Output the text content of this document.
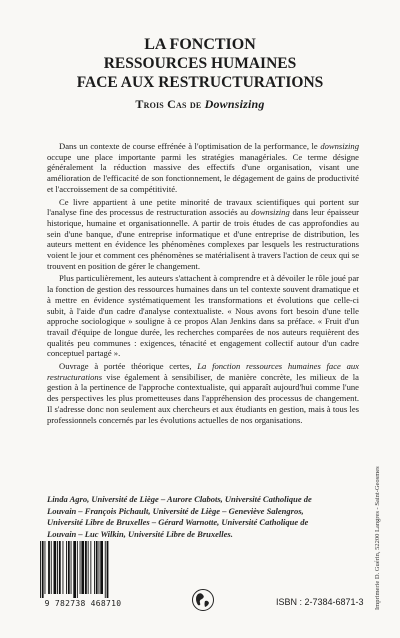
LA FONCTION
RESSOURCES HUMAINES
FACE AUX RESTRUCTURATIONS
Trois Cas de Downsizing

Dans un contexte de course effrénée à l'optimisation de la performance, le downsizing occupe une place importante parmi les stratégies managériales. Ce terme désigne généralement la réduction massive des effectifs d'une organisation, visant une amélioration de l'efficacité de son fonctionnement, le dégagement de gains de productivité et l'accroissement de sa compétitivité.

Ce livre appartient à une petite minorité de travaux scientifiques qui portent sur l'analyse fine des processus de restructuration associés au downsizing dans leur épaisseur historique, humaine et organisationnelle. A partir de trois études de cas approfondies au sein d'une banque, d'une entreprise informatique et d'une entreprise de distribution, les auteurs mettent en évidence les phénomènes complexes par lesquels les restructurations voient le jour et comment ces phénomènes se matérialisent à travers l'action de ceux qui se trouvent en position de gérer le changement.

Plus particulièrement, les auteurs s'attachent à comprendre et à dévoiler le rôle joué par la fonction de gestion des ressources humaines dans un tel contexte souvent dramatique et à mettre en évidence systématiquement les transformations et évolutions que celle-ci subit, à l'aide d'un cadre d'analyse contextualiste. « Nous avons fort besoin d'une telle approche sociologique » souligne à ce propos Alan Jenkins dans sa préface. « Fruit d'un travail d'équipe de longue durée, les recherches comparées de nos auteurs requièrent des qualités peu communes : exigences, ténacité et engagement collectif autour d'un cadre conceptuel partagé ».

Ouvrage à portée théorique certes, La fonction ressources humaines face aux restructurations vise également à sensibiliser, de manière concrète, les milieux de la gestion à la pertinence de l'approche contextualiste, qui apparaît aujourd'hui comme l'une des perspectives les plus prometteuses dans l'appréhension des processus de changement. Il s'adresse donc non seulement aux chercheurs et aux étudiants en gestion, mais à tous les professionnels concernés par les évolutions actuelles de nos organisations.

Linda Agro, Université de Liège – Aurore Clabots, Université Catholique de Louvain – François Pichault, Université de Liège – Geneviève Salengros, Université Libre de Bruxelles – Gérard Warnotte, Université Catholique de Louvain – Luc Wilkin, Université Libre de Bruxelles.
9 782738 468710	ISBN : 2-7384-6871-3	Imprimerie D. Guérin, 52200 Langres - Saint-Geosmes
